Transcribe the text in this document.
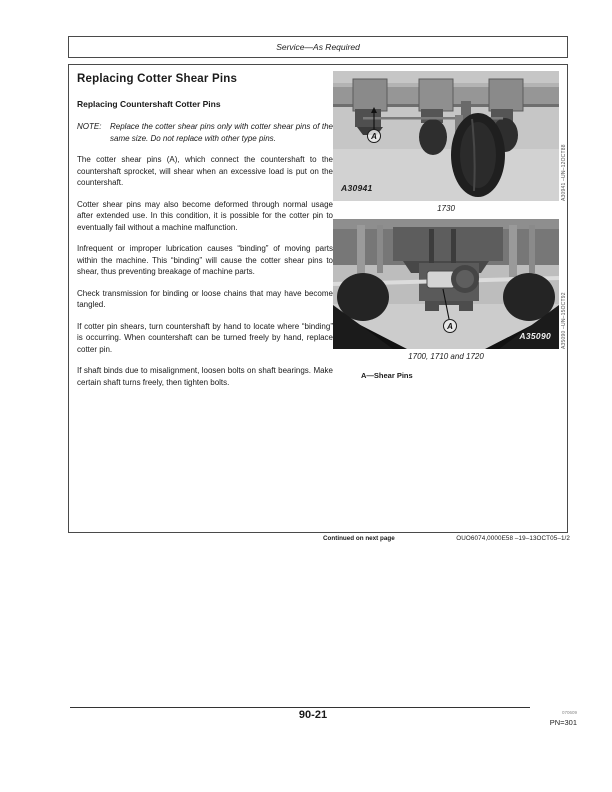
Service—As Required
Replacing Cotter Shear Pins
Replacing Countershaft Cotter Pins
NOTE:	Replace the cotter shear pins only with cotter shear pins of the same size. Do not replace with other type pins.

The cotter shear pins (A), which connect the countershaft to the countershaft sprocket, will shear when an excessive load is put on the countershaft.

Cotter shear pins may also become deformed through normal usage after extended use. In this condition, it is possible for the cotter pin to eventually fail without a machine malfunction.

Infrequent or improper lubrication causes “binding” of moving parts within the machine. This “binding” will cause the cotter shear pins to shear, thus preventing breakage of machine parts.

Check transmission for binding or loose chains that may have become tangled.

If cotter pin shears, turn countershaft by hand to locate where “binding” is occurring. When countershaft can be turned freely by hand, replace cotter pin.

If shaft binds due to misalignment, loosen bolts on shaft bearings. Make certain shaft turns freely, then tighten bolts.

A
A30941	A30941 –UN–12OCT88
1730
A
A35090 A35090 –UN–15OCT92
1700, 1710 and 1720
A—Shear Pins
Continued on next page	OUO6074,0000E58 –19–13OCT05–1/2
90-21	070609
PN=301
